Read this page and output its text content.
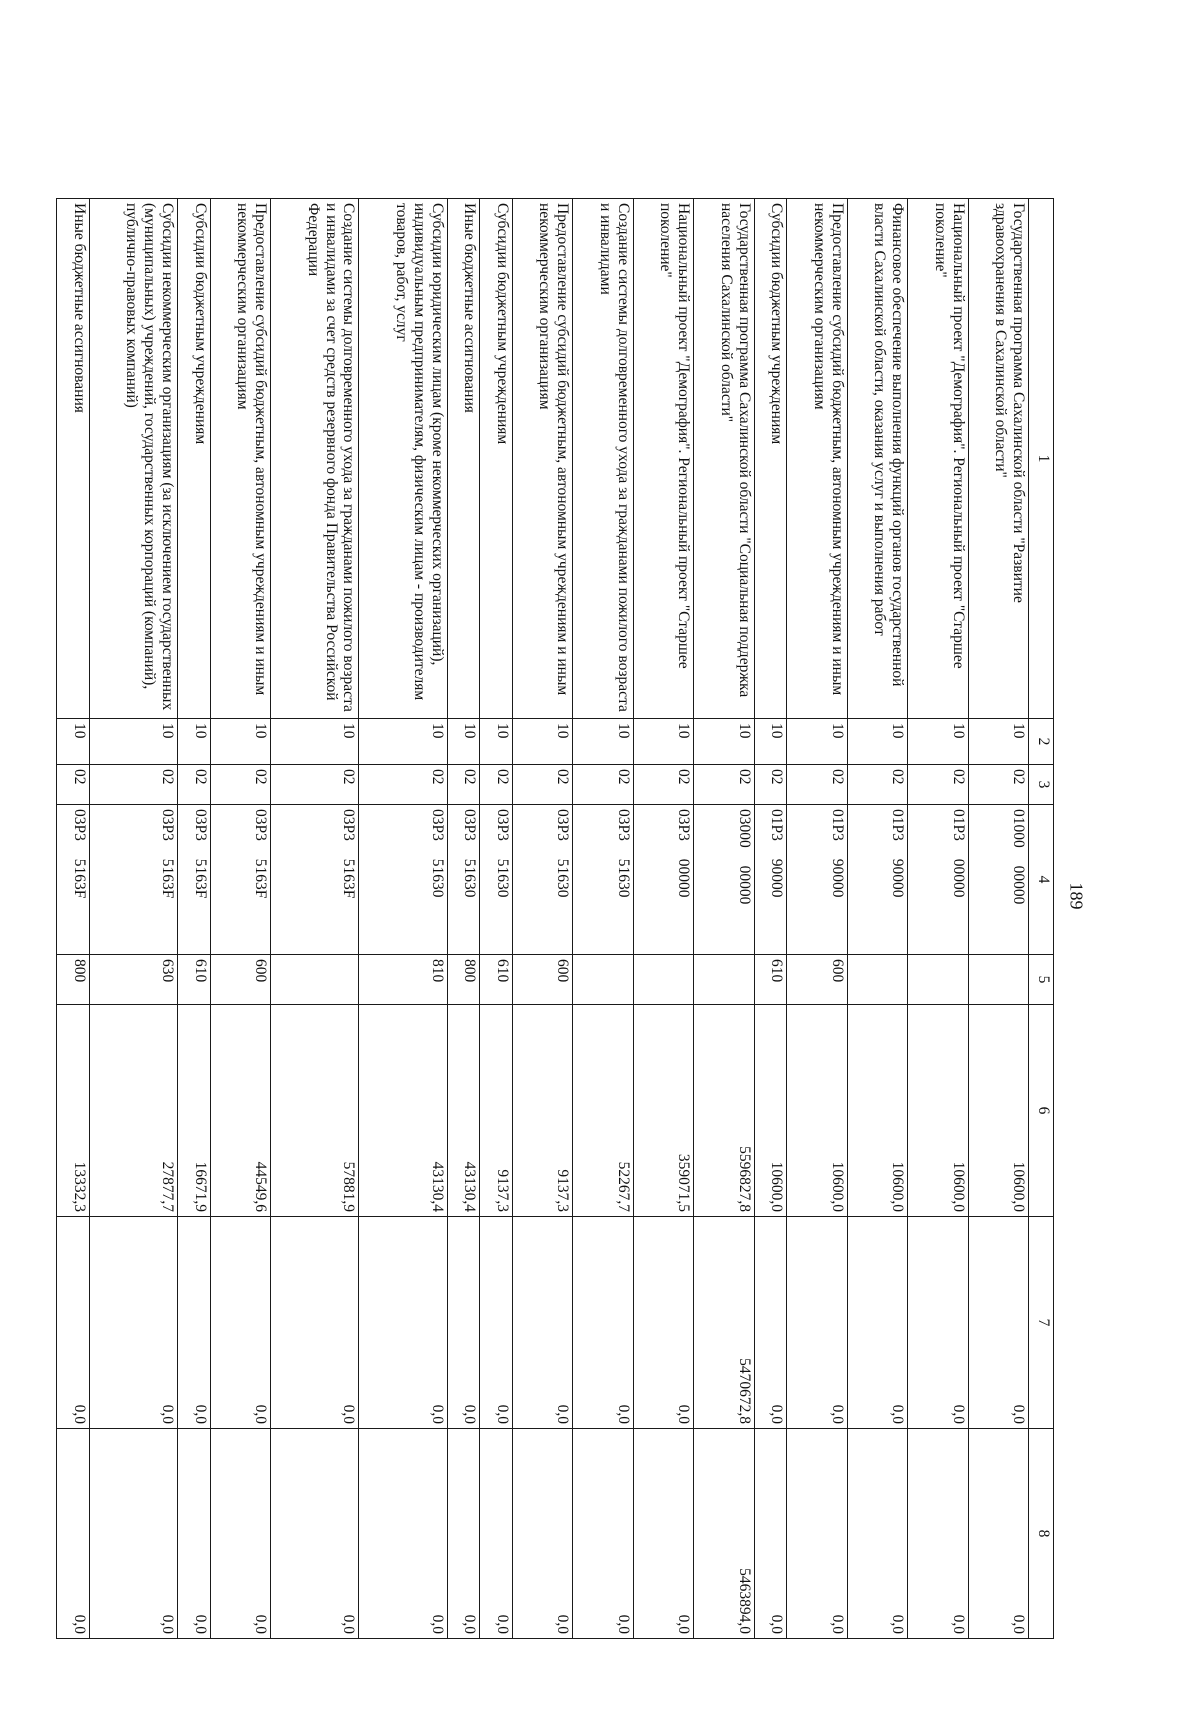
189
1	2	3	4	5	6	7	8
Государственная программа Сахалинской области "Развитие здравоохранения в Сахалинской области"	10	02	01000 00000		10600,0	0,0	0,0
Национальный проект "Демография". Региональный проект "Старшее поколение"	10	02	01Р3 00000		10600,0	0,0	0,0
Финансовое обеспечение выполнения функций органов государственной власти Сахалинской области, оказания услуг и выполнения работ	10	02	01Р3 90000		10600,0	0,0	0,0
Предоставление субсидий бюджетным, автономным учреждениям и иным некоммерческим организациям	10	02	01Р3 90000	600	10600,0	0,0	0,0
Субсидии бюджетным учреждениям	10	02	01Р3 90000	610	10600,0	0,0	0,0
Государственная программа Сахалинской области "Социальная поддержка населения Сахалинской области"	10	02	03000 00000		5596827,8	5470672,8	5463894,0
Национальный проект "Демография". Региональный проект "Старшее поколение"	10	02	03Р3 00000		359071,5	0,0	0,0
Создание системы долговременного ухода за гражданами пожилого возраста и инвалидами	10	02	03Р3 51630		52267,7	0,0	0,0
Предоставление субсидий бюджетным, автономным учреждениям и иным некоммерческим организациям	10	02	03Р3 51630	600	9137,3	0,0	0,0
Субсидии бюджетным учреждениям	10	02	03Р3 51630	610	9137,3	0,0	0,0
Иные бюджетные ассигнования	10	02	03Р3 51630	800	43130,4	0,0	0,0
Субсидии юридическим лицам (кроме некоммерческих организаций), индивидуальным предпринимателям, физическим лицам - производителям товаров, работ, услуг	10	02	03Р3 51630	810	43130,4	0,0	0,0
Создание системы долговременного ухода за гражданами пожилого возраста и инвалидами за счет средств резервного фонда Правительства Российской Федерации	10	02	03Р3 5163F		57881,9	0,0	0,0
Предоставление субсидий бюджетным, автономным учреждениям и иным некоммерческим организациям	10	02	03Р3 5163F	600	44549,6	0,0	0,0
Субсидии бюджетным учреждениям	10	02	03Р3 5163F	610	16671,9	0,0	0,0
Субсидии некоммерческим организациям (за исключением государственных (муниципальных) учреждений, государственных корпораций (компаний), публично-правовых компаний)	10	02	03Р3 5163F	630	27877,7	0,0	0,0
Иные бюджетные ассигнования	10	02	03Р3 5163F	800	13332,3	0,0	0,0
